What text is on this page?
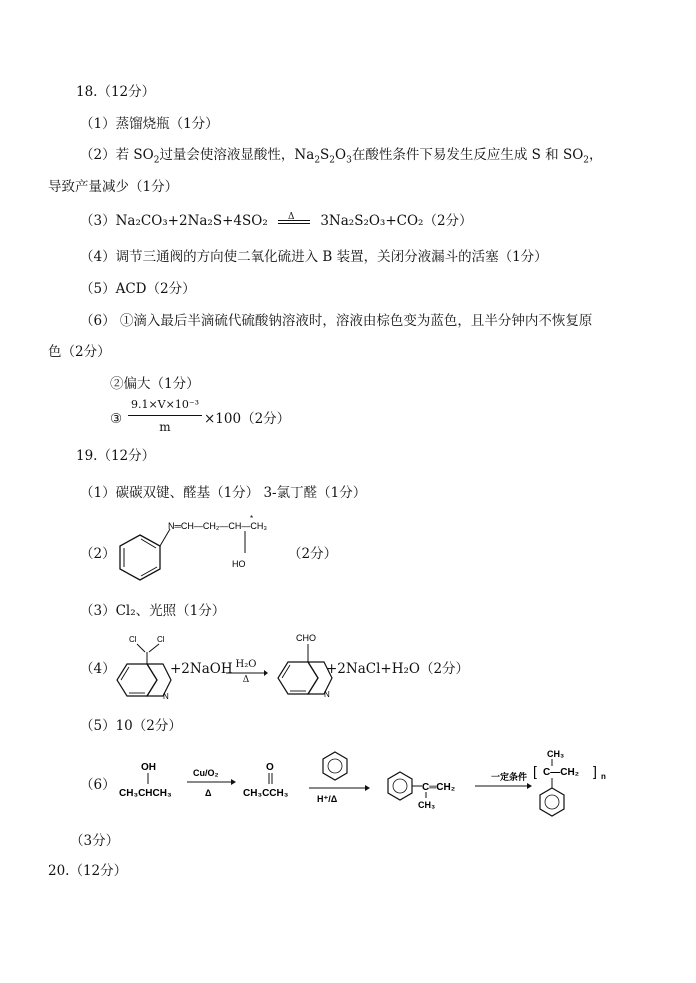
18.（12分）
（1）蒸馏烧瓶（1分）
（2）若 $SO_2$过量会使溶液显酸性，$Na_2S_2O_3$在酸性条件下易发生反应生成 S 和 $SO_2$，
导致产量减少（1分）
（3）Na₂CO₃+2Na₂S+4SO₂ Δ 3Na₂S₂O₃+CO₂（2分）
（4）调节三通阀的方向使二氧化硫进入 B 装置，关闭分液漏斗的活塞（1分）
（5）ACD（2分）
（6） ①滴入最后半滴硫代硫酸钠溶液时，溶液由棕色变为蓝色，且半分钟内不恢复原
色（2分）
②偏大（1分）
③
9.1×V×10⁻³
m	×100（2分）
19.（12分）
（1）碳碳双键、醛基（1分） 3-氯丁醛（1分）
（2）
N═CH—CH₂—CH—CH₃
*
HO
（2分）
（3）Cl₂、光照（1分）
（4）
Cl	Cl
N
+2NaOH H₂O
Δ
CHO
N
+2NaCl+H₂O（2分）
（5）10（2分）
（6）
OH
CH₃CHCH₃
Cu/O₂
Δ
O
CH₃CCH₃	H⁺/Δ
C═CH₂
CH₃
一定条件
CH₃
[ C—CH₂ ] n
（3分）
20.（12分）
